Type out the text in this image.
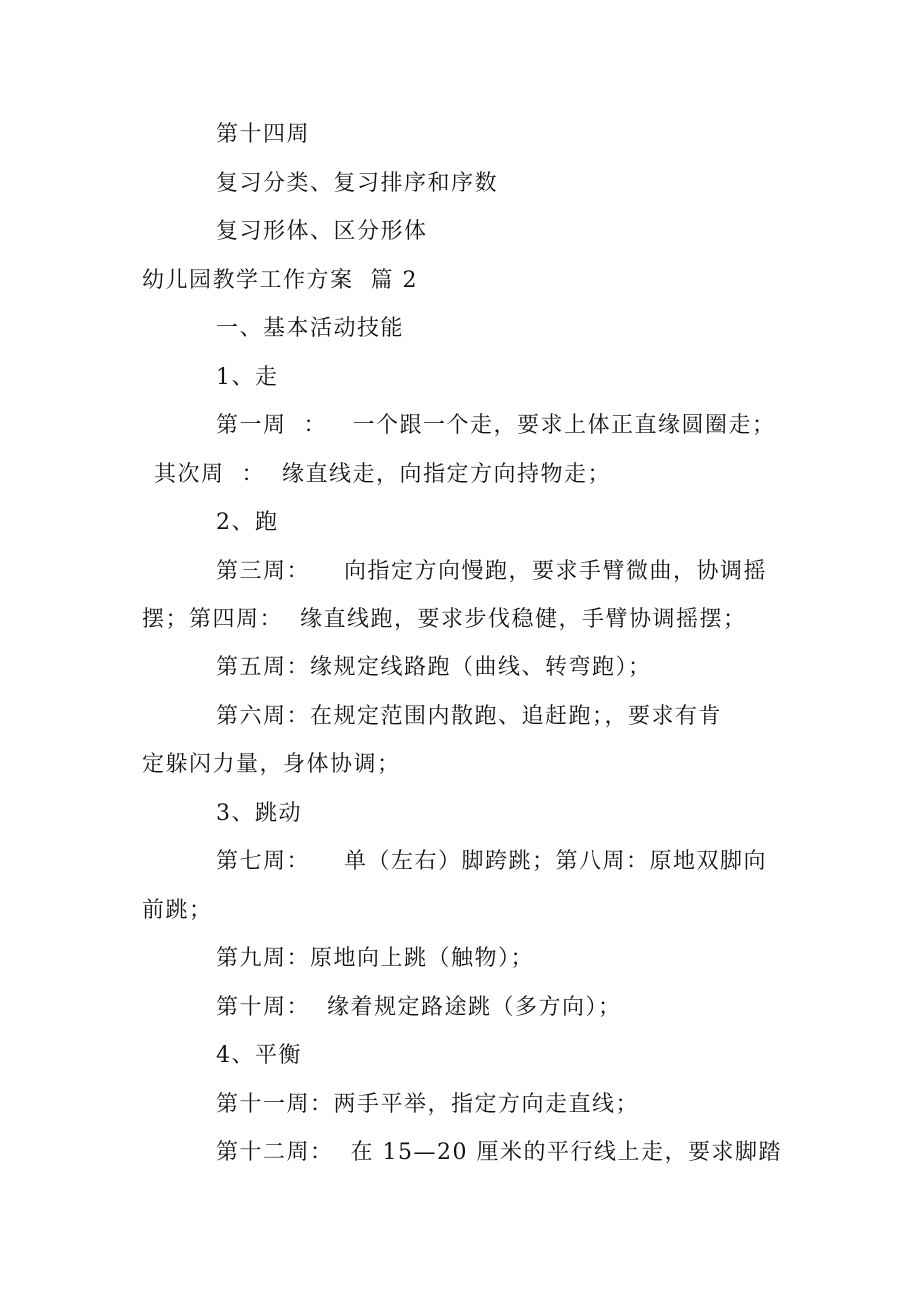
第十四周
复习分类、复习排序和序数
复习形体、区分形体
幼儿园教学工作方案  篇 2
一、基本活动技能
1、走
第一周  ：   一个跟一个走，要求上体正直缘圆圈走；
其次周  ：  缘直线走，向指定方向持物走；
2、跑
第三周：    向指定方向慢跑，要求手臂微曲，协调摇
摆；第四周：  缘直线跑，要求步伐稳健，手臂协调摇摆；
第五周：缘规定线路跑（曲线、转弯跑）；
第六周：在规定范围内散跑、追赶跑；，要求有肯
定躲闪力量，身体协调；
3、跳动
第七周：    单（左右）脚跨跳；第八周：原地双脚向
前跳；
第九周：原地向上跳（触物）；
第十周：  缘着规定路途跳（多方向）；
4、平衡
第十一周：两手平举，指定方向走直线；
第十二周：  在 15—20 厘米的平行线上走，要求脚踏
